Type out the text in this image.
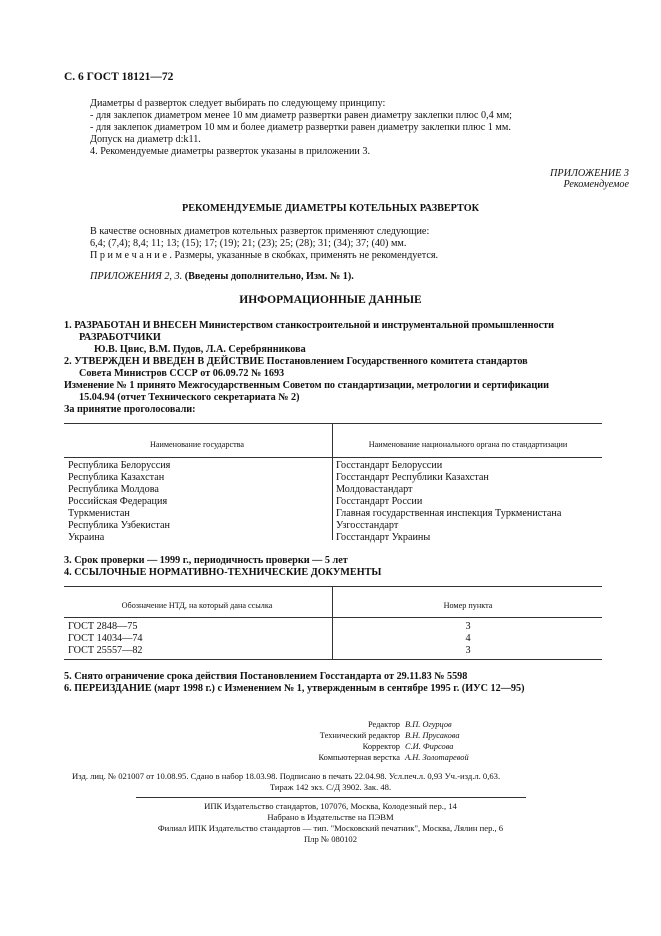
С. 6 ГОСТ 18121—72
Диаметры d разверток следует выбирать по следующему принципу:
- для заклепок диаметром менее 10 мм диаметр развертки равен диаметру заклепки плюс 0,4 мм;
- для заклепок диаметром 10 мм и более диаметр развертки равен диаметру заклепки плюс 1 мм.
Допуск на диаметр d:k11.
4. Рекомендуемые диаметры разверток указаны в приложении 3.
ПРИЛОЖЕНИЕ 3
Рекомендуемое
РЕКОМЕНДУЕМЫЕ ДИАМЕТРЫ КОТЕЛЬНЫХ РАЗВЕРТОК
В качестве основных диаметров котельных разверток применяют следующие:
6,4; (7,4); 8,4; 11; 13; (15); 17; (19); 21; (23); 25; (28); 31; (34); 37; (40) мм.
П р и м е ч а н и е . Размеры, указанные в скобках, применять не рекомендуется.
ПРИЛОЖЕНИЯ 2, 3. (Введены дополнительно, Изм. № 1).
ИНФОРМАЦИОННЫЕ ДАННЫЕ
1. РАЗРАБОТАН И ВНЕСЕН Министерством станкостроительной и инструментальной промышленности
РАЗРАБОТЧИКИ
Ю.В. Цвис, В.М. Пудов, Л.А. Серебрянникова
2. УТВЕРЖДЕН И ВВЕДЕН В ДЕЙСТВИЕ Постановлением Государственного комитета стандартов
Совета Министров СССР от 06.09.72 № 1693
Изменение № 1 принято Межгосударственным Советом по стандартизации, метрологии и сертификации
15.04.94 (отчет Технического секретариата № 2)
За принятие проголосовали:
Наименование государства	Наименование национального органа по стандартизации
Республика Белоруссия	Госстандарт Белоруссии
Республика Казахстан	Госстандарт Республики Казахстан
Республика Молдова	Молдовастандарт
Российская Федерация	Госстандарт России
Туркменистан	Главная государственная инспекция Туркменистана
Республика Узбекистан	Узгосстандарт
Украина	Госстандарт Украины
3. Срок проверки — 1999 г., периодичность проверки — 5 лет
4. ССЫЛОЧНЫЕ НОРМАТИВНО-ТЕХНИЧЕСКИЕ ДОКУМЕНТЫ
Обозначение НТД, на который дана ссылка	Номер пункта
ГОСТ 2848—75	3
ГОСТ 14034—74	4
ГОСТ 25557—82	3
5. Снято ограничение срока действия Постановлением Госстандарта от 29.11.83 № 5598
6. ПЕРЕИЗДАНИЕ (март 1998 г.) с Изменением № 1, утвержденным в сентябре 1995 г. (ИУС 12—95)
Редактор В.П. Огурцов
Технический редактор В.Н. Прусакова
Корректор С.И. Фирсова
Компьютерная верстка А.Н. Золотаревой
Изд. лиц. № 021007 от 10.08.95. Сдано в набор 18.03.98. Подписано в печать 22.04.98. Усл.печ.л. 0,93 Уч.-изд.л. 0,63.
Тираж 142 экз. С/Д 3902. Зак. 48.
ИПК Издательство стандартов, 107076, Москва, Колодезный пер., 14
Набрано в Издательстве на ПЭВМ
Филиал ИПК Издательство стандартов — тип. "Московский печатник", Москва, Лялин пер., 6
Плр № 080102
